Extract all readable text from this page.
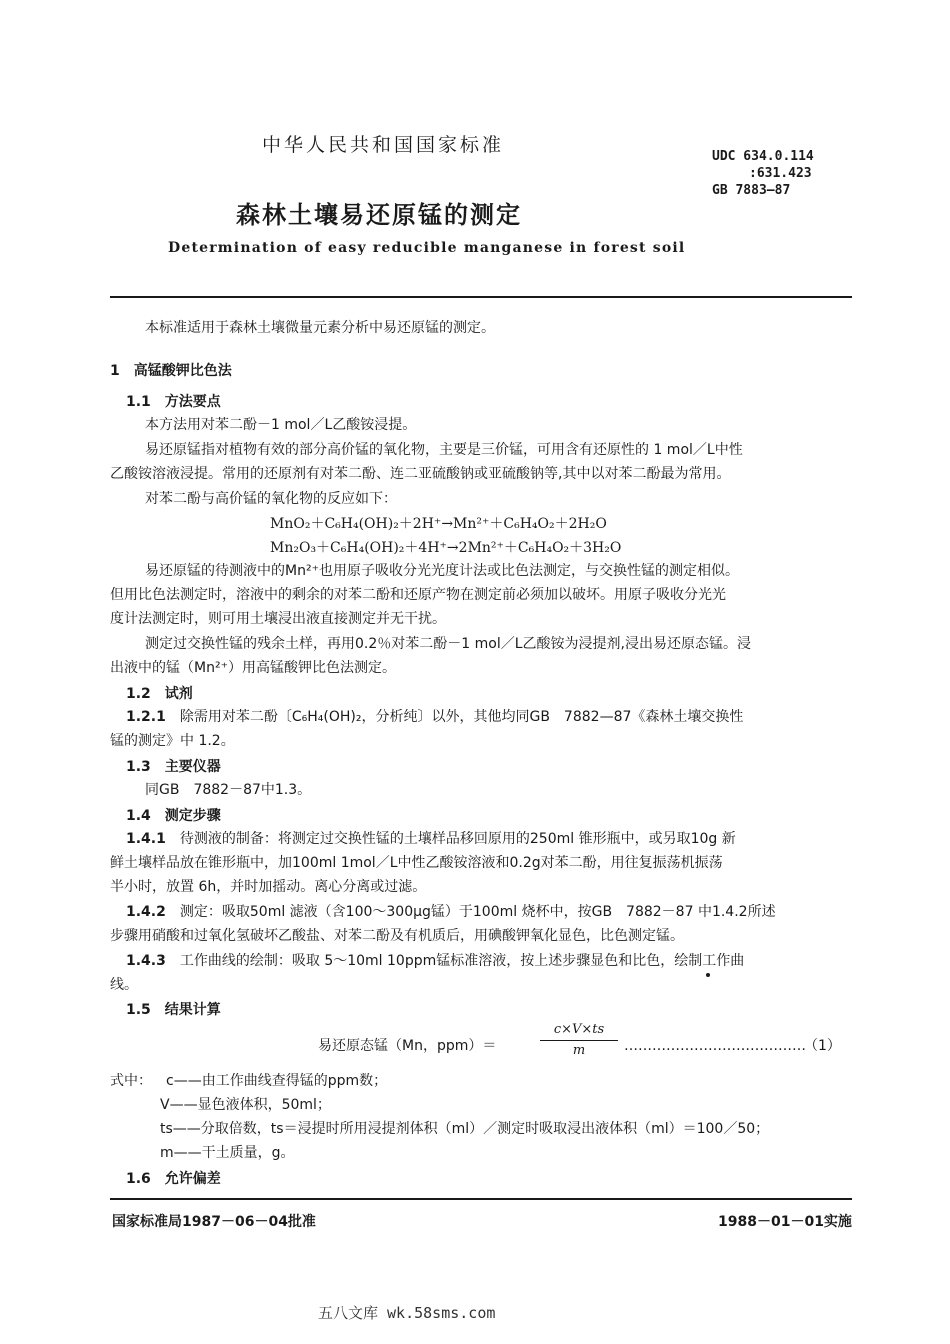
中华人民共和国国家标准
UDC 634.0.114
:631.423
GB 7883—87
森林土壤易还原锰的测定
Determination of easy reducible manganese in forest soil
本标准适用于森林土壤微量元素分析中易还原锰的测定。
1　高锰酸钾比色法
1.1　方法要点
本方法用对苯二酚－1 mol／L乙酸铵浸提。
易还原锰指对植物有效的部分高价锰的氧化物，主要是三价锰，可用含有还原性的 1 mol／L中性
乙酸铵溶液浸提。常用的还原剂有对苯二酚、连二亚硫酸钠或亚硫酸钠等,其中以对苯二酚最为常用。
对苯二酚与高价锰的氧化物的反应如下：
MnO₂＋C₆H₄(OH)₂＋2H⁺→Mn²⁺＋C₆H₄O₂＋2H₂O
Mn₂O₃＋C₆H₄(OH)₂＋4H⁺→2Mn²⁺＋C₆H₄O₂＋3H₂O
易还原锰的待测液中的Mn²⁺也用原子吸收分光光度计法或比色法测定，与交换性锰的测定相似。
但用比色法测定时，溶液中的剩余的对苯二酚和还原产物在测定前必须加以破坏。用原子吸收分光光
度计法测定时，则可用土壤浸出液直接测定并无干扰。
测定过交换性锰的残余土样，再用0.2％对苯二酚－1 mol／L乙酸铵为浸提剂,浸出易还原态锰。浸
出液中的锰（Mn²⁺）用高锰酸钾比色法测定。
1.2　试剂
1.2.1　 除需用对苯二酚〔C₆H₄(OH)₂，分析纯〕以外，其他均同GB　7882—87《森林土壤交换性
锰的测定》中 1.2。
1.3　主要仪器
同GB　7882－87中1.3。
1.4　测定步骤
1.4.1　 待测液的制备：将测定过交换性锰的土壤样品移回原用的250ml 锥形瓶中，或另取10g 新
鲜土壤样品放在锥形瓶中，加100ml 1mol／L中性乙酸铵溶液和0.2g对苯二酚，用往复振荡机振荡
半小时，放置 6h，并时加摇动。离心分离或过滤。
1.4.2　 测定：吸取50ml 滤液（含100～300μg锰）于100ml 烧杯中，按GB　7882－87 中1.4.2所述
步骤用硝酸和过氧化氢破坏乙酸盐、对苯二酚及有机质后，用碘酸钾氧化显色，比色测定锰。
1.4.3　 工作曲线的绘制：吸取 5～10ml 10ppm锰标准溶液，按上述步骤显色和比色，绘制工作曲
线。
1.5　结果计算
易还原态锰（Mn，ppm）＝
c×V×ts
m	…………………………………
（1）
式中： c——由工作曲线查得锰的ppm数；
V——显色液体积，50ml；
ts——分取倍数，ts＝浸提时所用浸提剂体积（ml）／测定时吸取浸出液体积（ml）＝100／50；
m——干土质量，g。
1.6　允许偏差
国家标准局1987－06－04批准	1988－01－01实施
五八文库 wk.58sms.com
